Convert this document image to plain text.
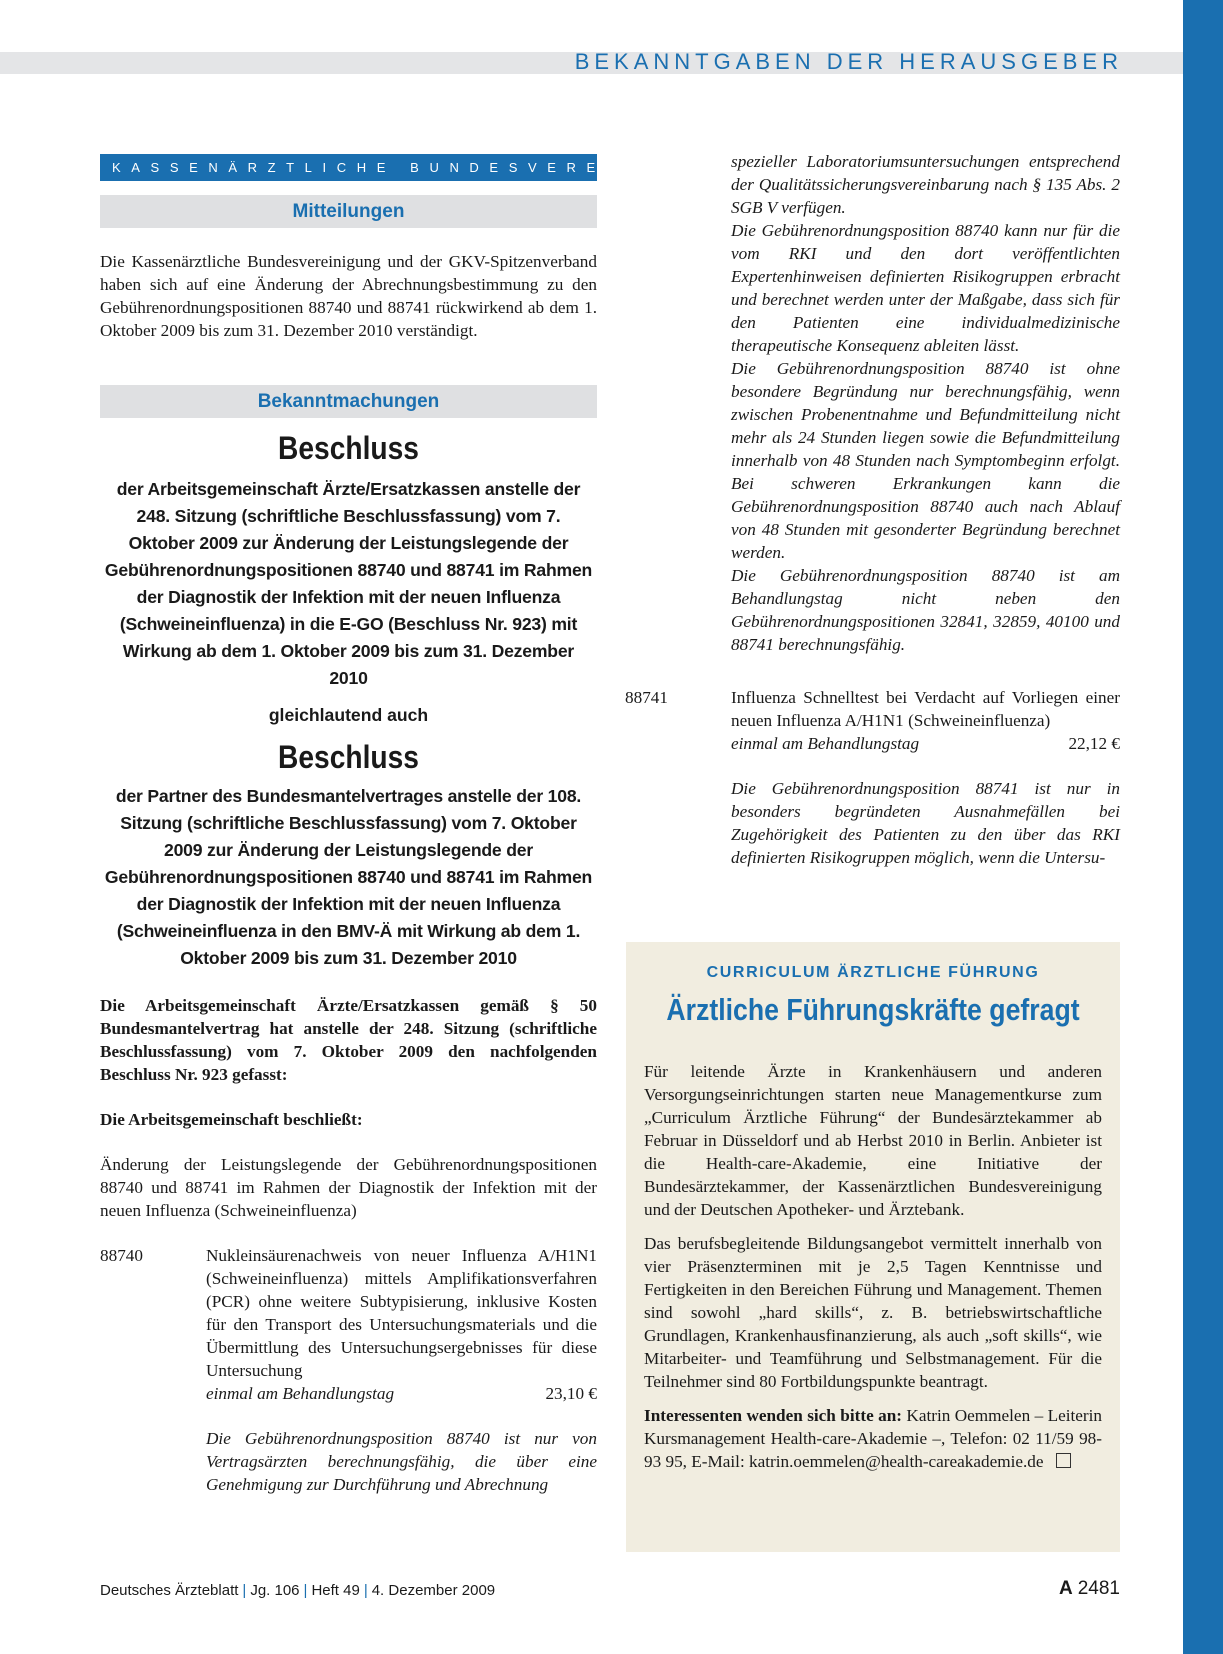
BEKANNTGABEN DER HERAUSGEBER
KASSENÄRZTLICHE BUNDESVEREINIGUNG
Mitteilungen

Die Kassenärztliche Bundesvereinigung und der GKV-Spitzenverband haben sich auf eine Änderung der Abrechnungsbestimmung zu den Gebührenordnungspositionen 88740 und 88741 rückwirkend ab dem 1. Oktober 2009 bis zum 31. Dezember 2010 verständigt.

Bekanntmachungen
Beschluss
der Arbeitsgemeinschaft Ärzte/Ersatzkassen anstelle der 248. Sitzung (schriftliche Beschlussfassung) vom 7. Oktober 2009 zur Änderung der Leistungslegende der Gebührenordnungspositionen 88740 und 88741 im Rahmen der Diagnostik der Infektion mit der neuen Influenza (Schweineinfluenza) in die E-GO (Beschluss Nr. 923) mit Wirkung ab dem 1. Oktober 2009 bis zum 31. Dezember 2010
gleichlautend auch
Beschluss
der Partner des Bundesmantelvertrages anstelle der 108. Sitzung (schriftliche Beschlussfassung) vom 7. Oktober 2009 zur Änderung der Leistungslegende der Gebührenordnungspositionen 88740 und 88741 im Rahmen der Diagnostik der Infektion mit der neuen Influenza (Schweineinfluenza in den BMV-Ä mit Wirkung ab dem 1. Oktober 2009 bis zum 31. Dezember 2010

Die Arbeitsgemeinschaft Ärzte/Ersatzkassen gemäß § 50 Bundesmantelvertrag hat anstelle der 248. Sitzung (schriftliche Beschlussfassung) vom 7. Oktober 2009 den nachfolgenden Beschluss Nr. 923 gefasst:

Die Arbeitsgemeinschaft beschließt:

Änderung der Leistungslegende der Gebührenordnungspositionen 88740 und 88741 im Rahmen der Diagnostik der Infektion mit der neuen Influenza (Schweineinfluenza)

88740	Nukleinsäurenachweis von neuer Influenza A/H1N1 (Schweineinfluenza) mittels Amplifikationsverfahren (PCR) ohne weitere Subtypisierung, inklusive Kosten für den Transport des Untersuchungsmaterials und die Übermittlung des Untersuchungsergebnisses für diese Untersuchung

einmal am Behandlungstag	23,10 €

Die Gebührenordnungsposition 88740 ist nur von Vertragsärzten berechnungsfähig, die über eine Genehmigung zur Durchführung und Abrechnung

spezieller Laboratoriumsuntersuchungen entsprechend der Qualitätssicherungsvereinbarung nach § 135 Abs. 2 SGB V verfügen.

Die Gebührenordnungsposition 88740 kann nur für die vom RKI und den dort veröffentlichten Expertenhinweisen definierten Risikogruppen erbracht und berechnet werden unter der Maßgabe, dass sich für den Patienten eine individualmedizinische therapeutische Konsequenz ableiten lässt.

Die Gebührenordnungsposition 88740 ist ohne besondere Begründung nur berechnungsfähig, wenn zwischen Probenentnahme und Befundmitteilung nicht mehr als 24 Stunden liegen sowie die Befundmitteilung innerhalb von 48 Stunden nach Symptombeginn erfolgt. Bei schweren Erkrankungen kann die Gebührenordnungsposition 88740 auch nach Ablauf von 48 Stunden mit gesonderter Begründung berechnet werden.

Die Gebührenordnungsposition 88740 ist am Behandlungstag nicht neben den Gebührenordnungspositionen 32841, 32859, 40100 und 88741 berechnungsfähig.

88741	Influenza Schnelltest bei Verdacht auf Vorliegen einer neuen Influenza A/H1N1 (Schweineinfluenza)

einmal am Behandlungstag	22,12 €

Die Gebührenordnungsposition 88741 ist nur in besonders begründeten Ausnahmefällen bei Zugehörigkeit des Patienten zu den über das RKI definierten Risikogruppen möglich, wenn die Untersu-

CURRICULUM ÄRZTLICHE FÜHRUNG
Ärztliche Führungskräfte gefragt

Für leitende Ärzte in Krankenhäusern und anderen Versorgungseinrichtungen starten neue Managementkurse zum „Curriculum Ärztliche Führung“ der Bundesärztekammer ab Februar in Düsseldorf und ab Herbst 2010 in Berlin. Anbieter ist die Health-care-Akademie, eine Initiative der Bundesärztekammer, der Kassenärztlichen Bundesvereinigung und der Deutschen Apotheker- und Ärztebank.

Das berufsbegleitende Bildungsangebot vermittelt innerhalb von vier Präsenzterminen mit je 2,5 Tagen Kenntnisse und Fertigkeiten in den Bereichen Führung und Management. Themen sind sowohl „hard skills“, z. B. betriebswirtschaftliche Grundlagen, Krankenhausfinanzierung, als auch „soft skills“, wie Mitarbeiter- und Teamführung und Selbstmanagement. Für die Teilnehmer sind 80 Fortbildungspunkte beantragt.

Interessenten wenden sich bitte an: Katrin Oemmelen – Leiterin Kursmanagement Health-care-Akademie –, Telefon: 02 11/59 98-93 95, E-Mail: katrin.oemmelen@health-careakademie.de

Deutsches Ärzteblatt | Jg. 106 | Heft 49 | 4. Dezember 2009	A 2481
